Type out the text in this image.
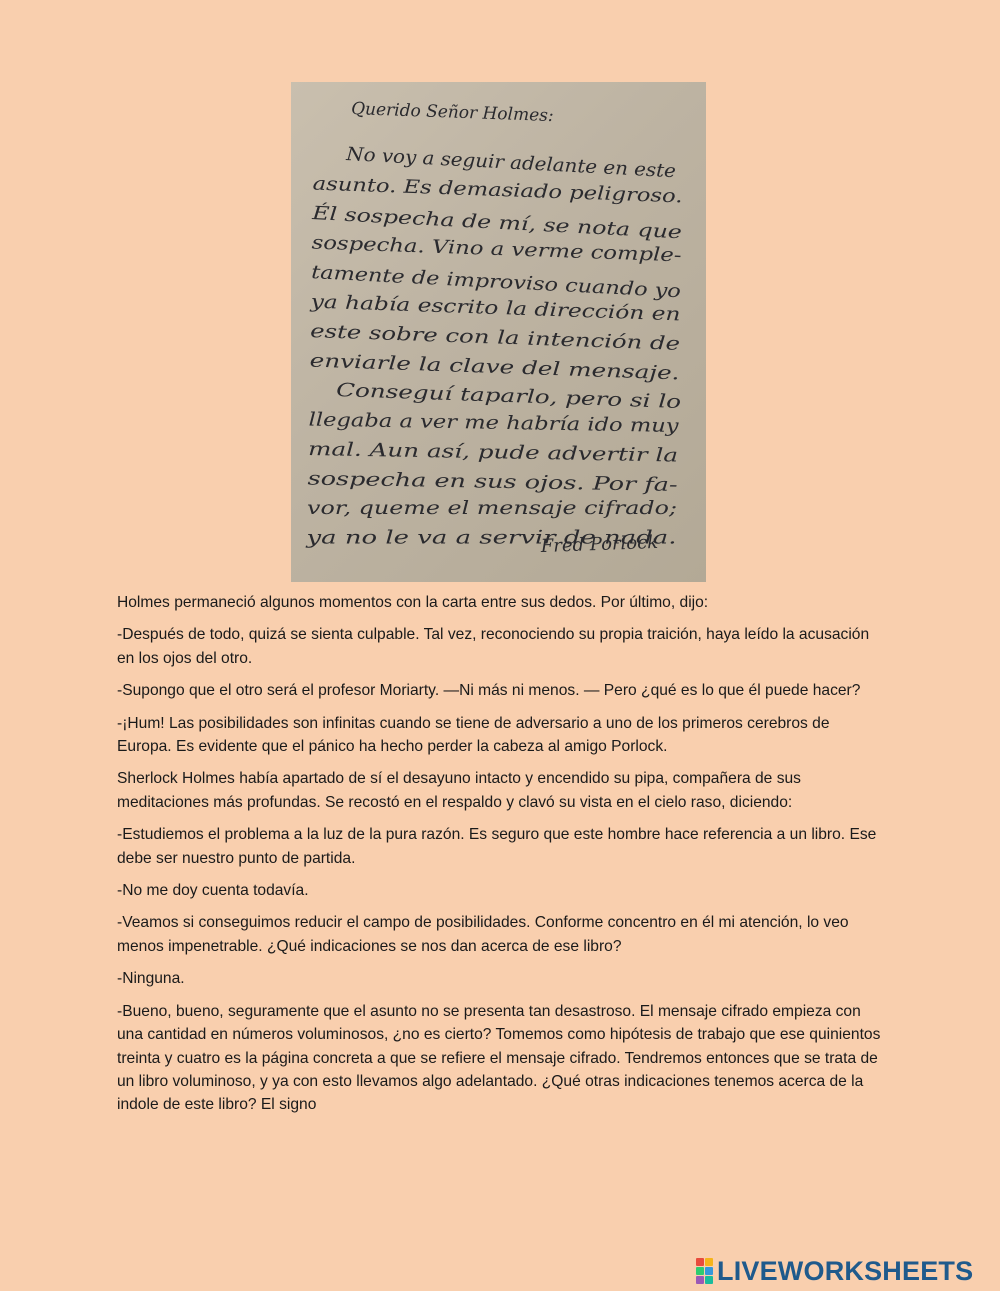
Querido Señor Holmes:
No voy a seguir adelante en este
asunto. Es demasiado peligroso.
Él sospecha de mí, se nota que
sospecha. Vino a verme comple-
tamente de improviso cuando yo
ya había escrito la dirección en
este sobre con la intención de
enviarle la clave del mensaje.
Conseguí taparlo, pero si lo
llegaba a ver me habría ido muy
mal. Aun así, pude advertir la
sospecha en sus ojos. Por fa-
vor, queme el mensaje cifrado;
ya no le va a servir de nada.
Fred Porlock

Holmes permaneció algunos momentos con la carta entre sus dedos. Por último, dijo:

-Después de todo, quizá se sienta culpable. Tal vez, reconociendo su propia traición, haya leído la acusación en los ojos del otro.

-Supongo que el otro será el profesor Moriarty. —Ni más ni menos. — Pero ¿qué es lo que él puede hacer?

-¡Hum! Las posibilidades son infinitas cuando se tiene de adversario a uno de los primeros cerebros de Europa. Es evidente que el pánico ha hecho perder la cabeza al amigo Porlock.

Sherlock Holmes había apartado de sí el desayuno intacto y encendido su pipa, compañera de sus meditaciones más profundas. Se recostó en el respaldo y clavó su vista en el cielo raso, diciendo:

-Estudiemos el problema a la luz de la pura razón. Es seguro que este hombre hace referencia a un libro. Ese debe ser nuestro punto de partida.

-No me doy cuenta todavía.

-Veamos si conseguimos reducir el campo de posibilidades. Conforme concentro en él mi atención, lo veo menos impenetrable. ¿Qué indicaciones se nos dan acerca de ese libro?

-Ninguna.

-Bueno, bueno, seguramente que el asunto no se presenta tan desastroso. El mensaje cifrado empieza con una cantidad en números voluminosos, ¿no es cierto? Tomemos como hipótesis de trabajo que ese quinientos treinta y cuatro es la página concreta a que se refiere el mensaje cifrado. Tendremos entonces que se trata de un libro voluminoso, y ya con esto llevamos algo adelantado. ¿Qué otras indicaciones tenemos acerca de la indole de este libro? El signo

LIVEWORKSHEETS
